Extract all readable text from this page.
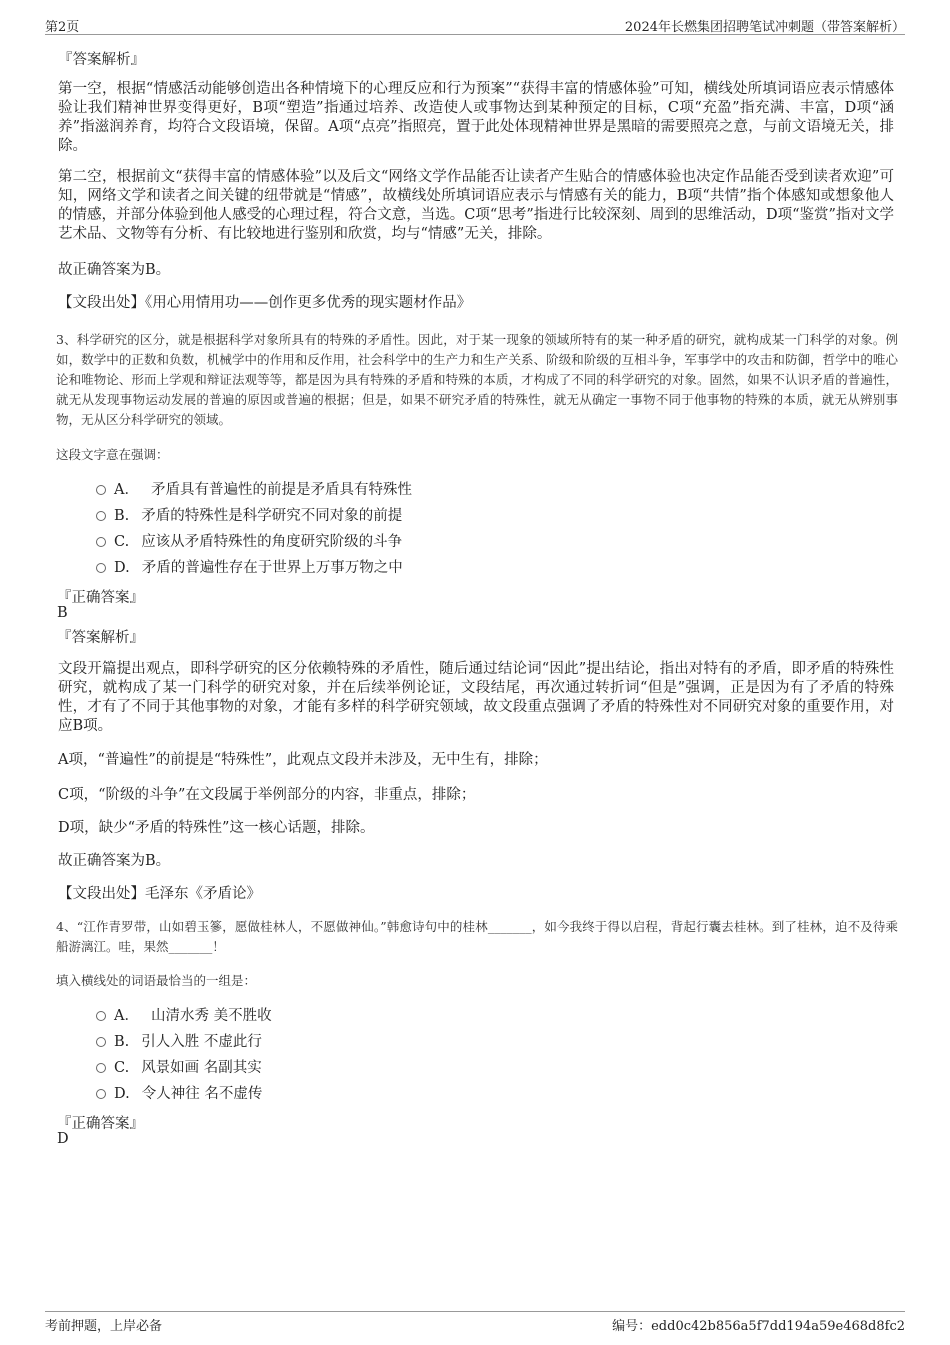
第2页	2024年长燃集团招聘笔试冲刺题（带答案解析）
『答案解析』
第一空，根据“情感活动能够创造出各种情境下的心理反应和行为预案”“获得丰富的情感体验”可知，横线处所填词语应表示情感体验让我们精神世界变得更好，B项“塑造”指通过培养、改造使人或事物达到某种预定的目标，C项“充盈”指充满、丰富，D项“涵养”指滋润养育，均符合文段语境，保留。A项“点亮”指照亮，置于此处体现精神世界是黑暗的需要照亮之意，与前文语境无关，排除。
第二空，根据前文“获得丰富的情感体验”以及后文“网络文学作品能否让读者产生贴合的情感体验也决定作品能否受到读者欢迎”可知，网络文学和读者之间关键的纽带就是“情感”，故横线处所填词语应表示与情感有关的能力，B项“共情”指个体感知或想象他人的情感，并部分体验到他人感受的心理过程，符合文意，当选。C项“思考”指进行比较深刻、周到的思维活动，D项“鉴赏”指对文学艺术品、文物等有分析、有比较地进行鉴别和欣赏，均与“情感”无关，排除。
故正确答案为B。
【文段出处】《用心用情用功——创作更多优秀的现实题材作品》
3、科学研究的区分，就是根据科学对象所具有的特殊的矛盾性。因此，对于某一现象的领域所特有的某一种矛盾的研究，就构成某一门科学的对象。例如，数学中的正数和负数，机械学中的作用和反作用，社会科学中的生产力和生产关系、阶级和阶级的互相斗争，军事学中的攻击和防御，哲学中的唯心论和唯物论、形而上学观和辩证法观等等，都是因为具有特殊的矛盾和特殊的本质，才构成了不同的科学研究的对象。固然，如果不认识矛盾的普遍性，就无从发现事物运动发展的普遍的原因或普遍的根据；但是，如果不研究矛盾的特殊性，就无从确定一事物不同于他事物的特殊的本质，就无从辨别事物，无从区分科学研究的领域。
这段文字意在强调：
A． 矛盾具有普遍性的前提是矛盾具有特殊性
B. 矛盾的特殊性是科学研究不同对象的前提
C. 应该从矛盾特殊性的角度研究阶级的斗争
D. 矛盾的普遍性存在于世界上万事万物之中
『正确答案』
B
『答案解析』
文段开篇提出观点，即科学研究的区分依赖特殊的矛盾性，随后通过结论词“因此”提出结论，指出对特有的矛盾，即矛盾的特殊性研究，就构成了某一门科学的研究对象，并在后续举例论证，文段结尾，再次通过转折词“但是”强调，正是因为有了矛盾的特殊性，才有了不同于其他事物的对象，才能有多样的科学研究领域，故文段重点强调了矛盾的特殊性对不同研究对象的重要作用，对应B项。
A项，“普遍性”的前提是“特殊性”，此观点文段并未涉及，无中生有，排除；
C项，“阶级的斗争”在文段属于举例部分的内容，非重点，排除；
D项，缺少“矛盾的特殊性”这一核心话题，排除。
故正确答案为B。
【文段出处】毛泽东《矛盾论》
4、“江作青罗带，山如碧玉篸，愿做桂林人，不愿做神仙。”韩愈诗句中的桂林_______，如今我终于得以启程，背起行囊去桂林。到了桂林，迫不及待乘船游漓江。哇，果然_______！
填入横线处的词语最恰当的一组是：
A． 山清水秀 美不胜收
B. 引人入胜 不虚此行
C. 风景如画 名副其实
D. 令人神往 名不虚传
『正确答案』
D
考前押题，上岸必备	编号：edd0c42b856a5f7dd194a59e468d8fc2
